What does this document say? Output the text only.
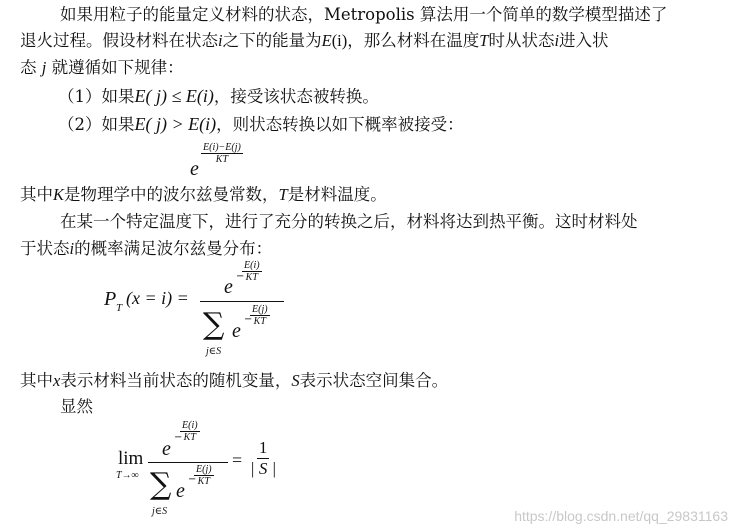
如果用粒子的能量定义材料的状态，Metropolis 算法用一个简单的数学模型描述了
退火过程。假设材料在状态i之下的能量为E(i)，那么材料在温度T时从状态i进入状
态 j 就遵循如下规律：
（1）如果E( j) ≤ E(i)，接受该状态被转换。
（2）如果E( j) > E(i)，则状态转换以如下概率被接受：
e
$\frac{E(i)-E(j)}{KT}$
其中K是物理学中的波尔兹曼常数，T是材料温度。
在某一个特定温度下，进行了充分的转换之后，材料将达到热平衡。这时材料处
于状态i的概率满足波尔兹曼分布：
P T (x = i) = e −
$\frac{E(i)}{KT}$
∑
j∈S
e
−
$\frac{E(j)}{KT}$
其中x表示材料当前状态的随机变量，S表示状态空间集合。
显然
lim
T→∞
e
−
$\frac{E(i)}{KT}$
∑
j∈S
e
−
$\frac{E(j)}{KT}$
= $\frac{1}{| S |}$
https://blog.csdn.net/qq_29831163
